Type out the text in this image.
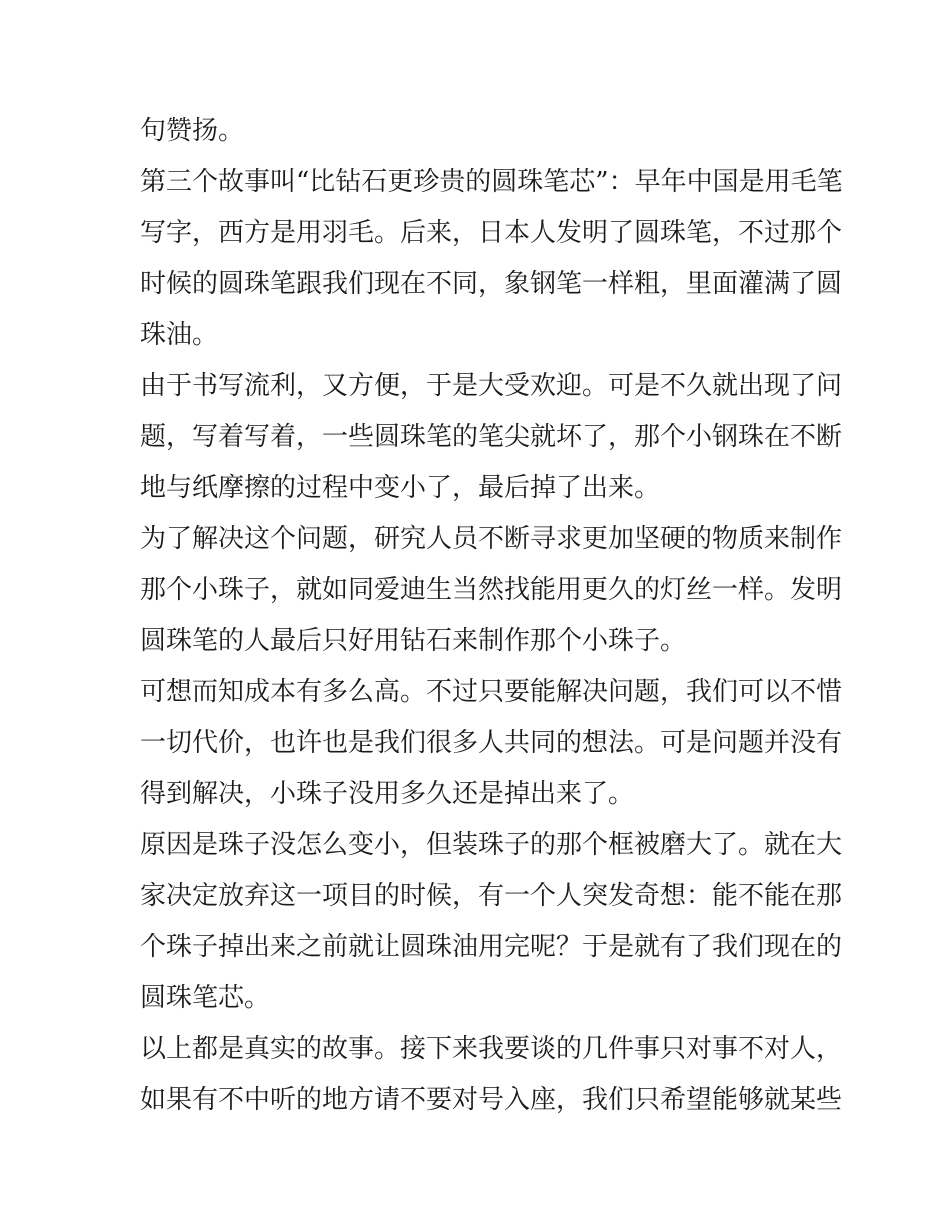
句赞扬。
第三个故事叫“比钻石更珍贵的圆珠笔芯”：早年中国是用毛笔
写字，西方是用羽毛。后来，日本人发明了圆珠笔，不过那个
时候的圆珠笔跟我们现在不同，象钢笔一样粗，里面灌满了圆
珠油。
由于书写流利，又方便，于是大受欢迎。可是不久就出现了问
题，写着写着，一些圆珠笔的笔尖就坏了，那个小钢珠在不断
地与纸摩擦的过程中变小了，最后掉了出来。
为了解决这个问题，研究人员不断寻求更加坚硬的物质来制作
那个小珠子，就如同爱迪生当然找能用更久的灯丝一样。发明
圆珠笔的人最后只好用钻石来制作那个小珠子。
可想而知成本有多么高。不过只要能解决问题，我们可以不惜
一切代价，也许也是我们很多人共同的想法。可是问题并没有
得到解决，小珠子没用多久还是掉出来了。
原因是珠子没怎么变小，但装珠子的那个框被磨大了。就在大
家决定放弃这一项目的时候，有一个人突发奇想：能不能在那
个珠子掉出来之前就让圆珠油用完呢？于是就有了我们现在的
圆珠笔芯。
以上都是真实的故事。接下来我要谈的几件事只对事不对人，
如果有不中听的地方请不要对号入座，我们只希望能够就某些
